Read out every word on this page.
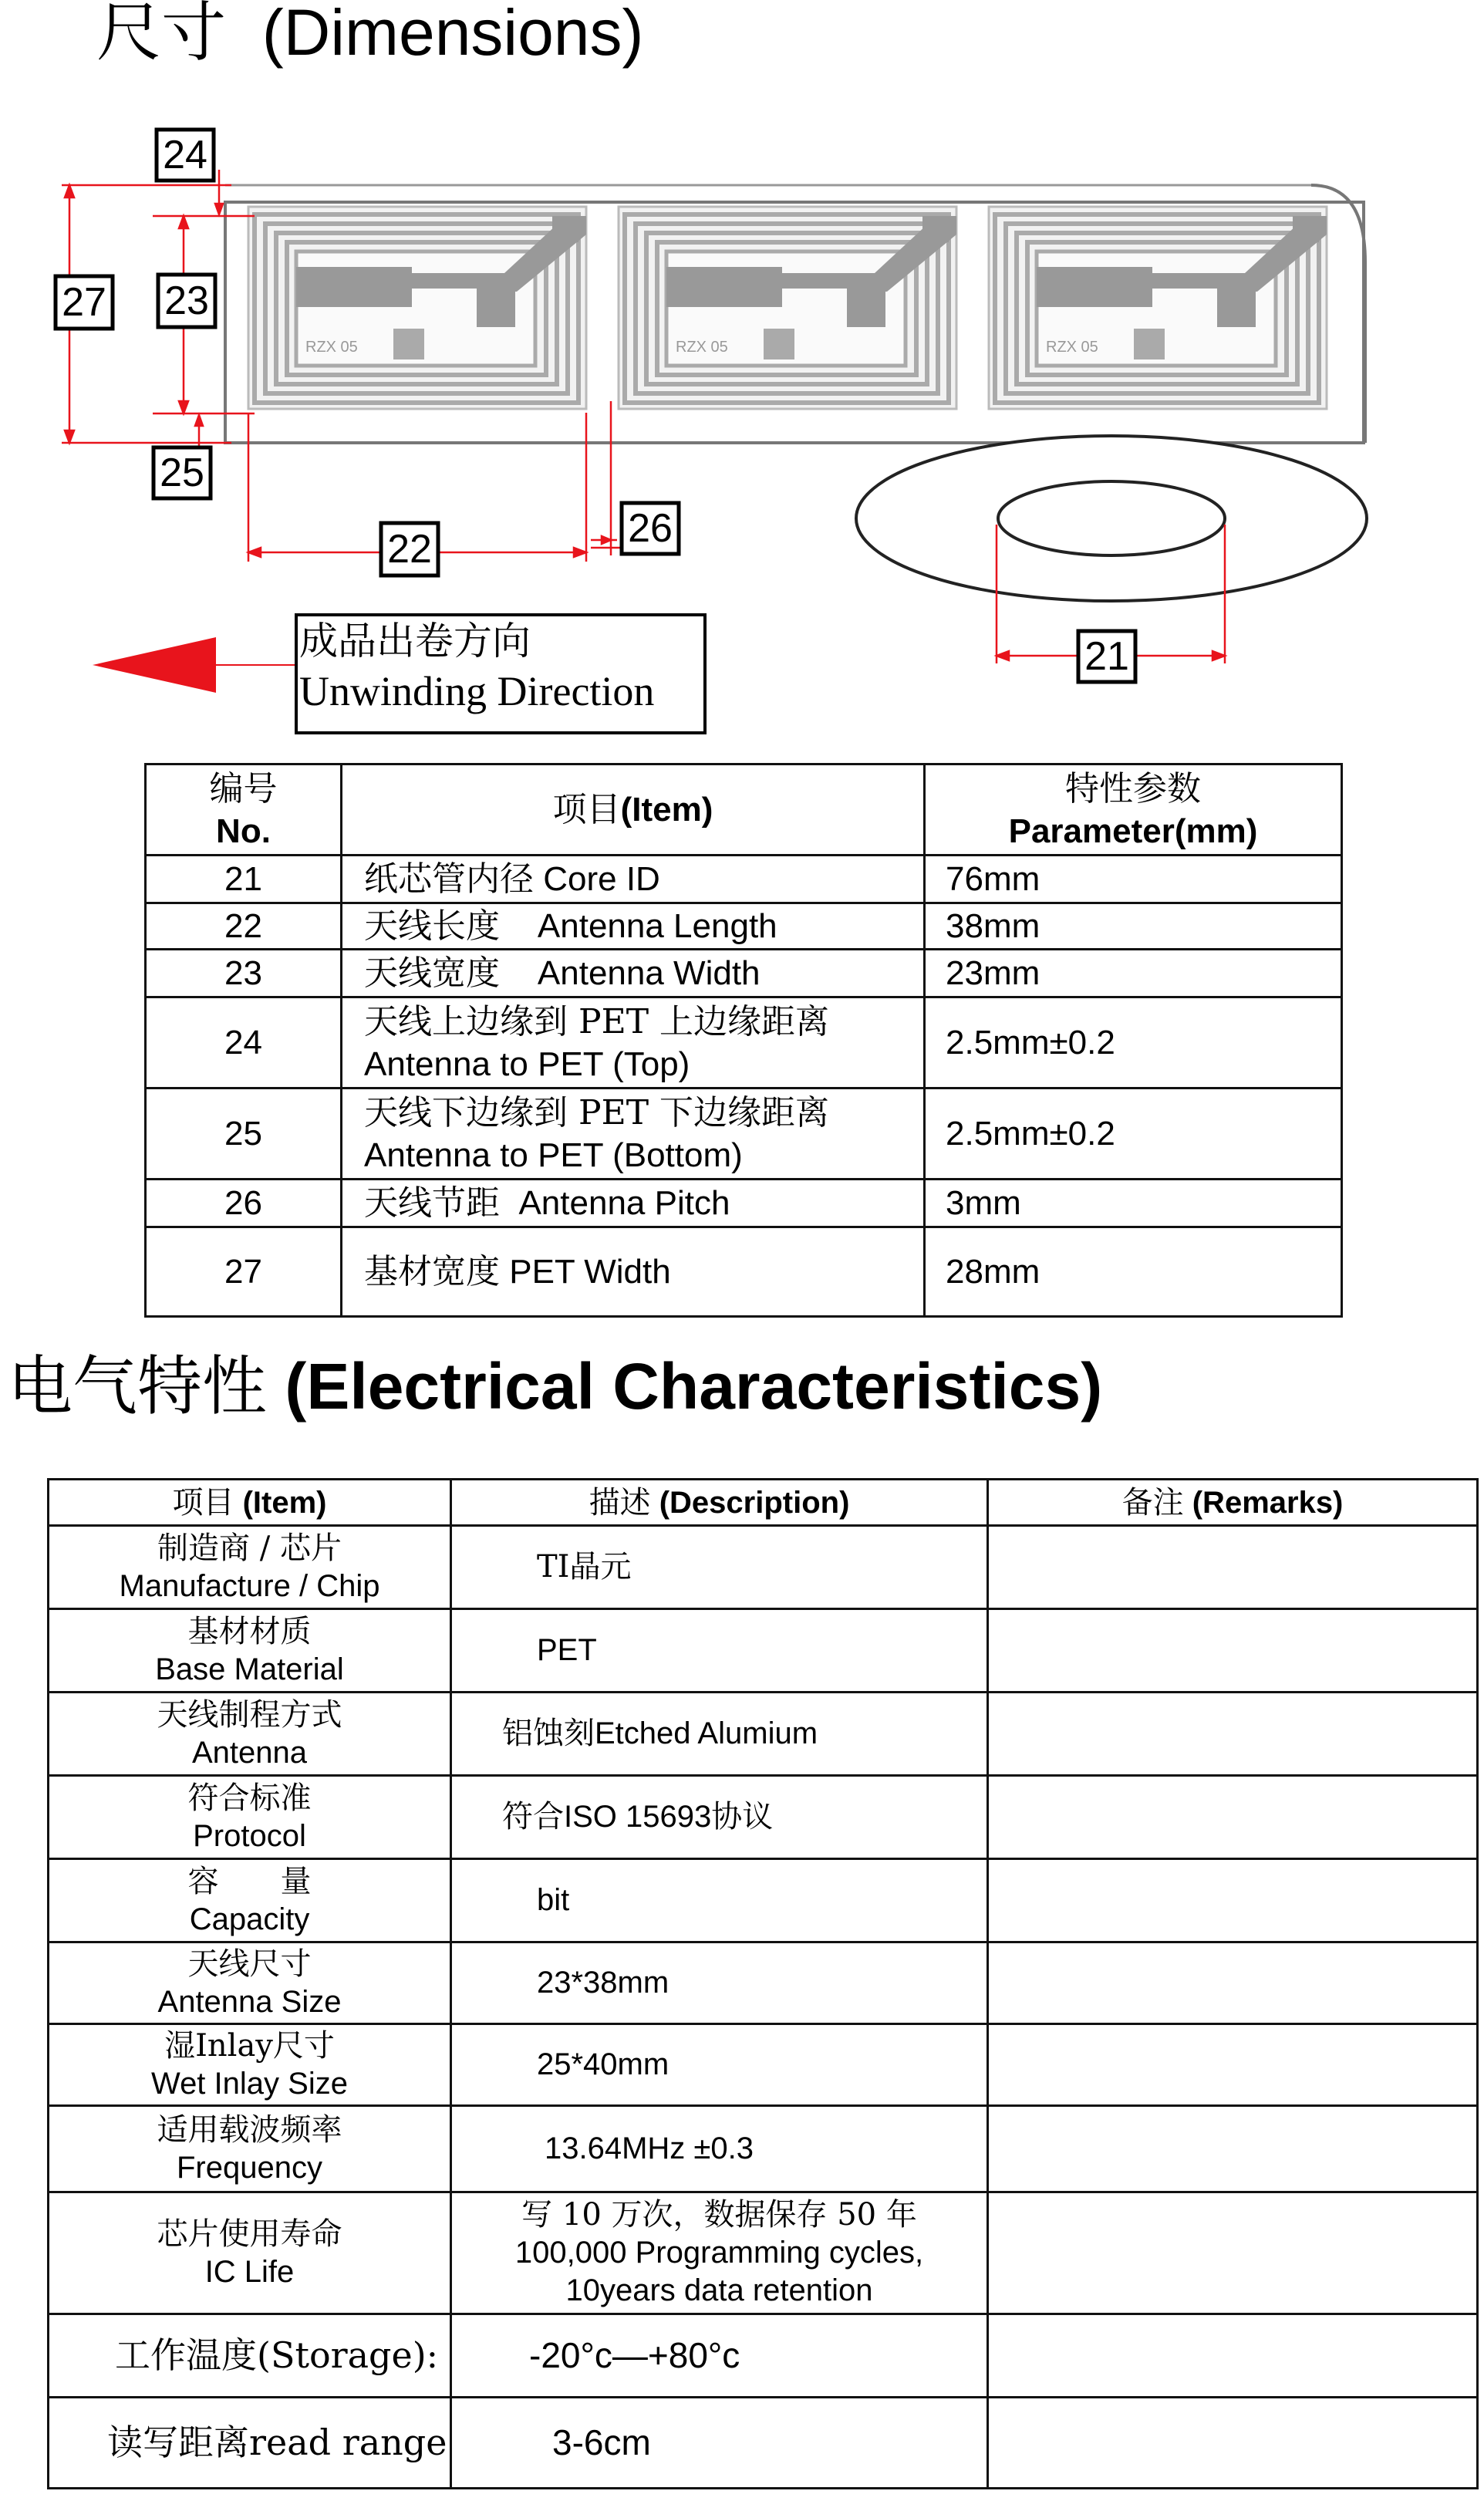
尺寸 (Dimensions)
RZX 05 24
27 23
25
22	26
21
成品出卷方向
Unwinding Direction
编号
No.	项目(Item)	特性参数
Parameter(mm)
21	纸芯管内径 Core ID	76mm
22	天线长度 Antenna Length	38mm
23	天线宽度 Antenna Width	23mm
24	天线上边缘到 PET 上边缘距离
Antenna to PET (Top)	2.5mm±0.2
25	天线下边缘到 PET 下边缘距离
Antenna to PET (Bottom)	2.5mm±0.2
26	天线节距 Antenna Pitch	3mm
27	基材宽度 PET Width	28mm
电气特性 (Electrical Characteristics)
项目 (Item)	描述 (Description)	备注 (Remarks)
制造商 / 芯片
Manufacture / Chip	TI晶元	
基材材质
Base Material	PET	
天线制程方式
Antenna	铝蚀刻Etched Alumium	
符合标准
Protocol	符合ISO 15693协议	
容　　量
Capacity	bit	
天线尺寸
Antenna Size	23*38mm	
湿Inlay尺寸
Wet Inlay Size	25*40mm	
适用载波频率
Frequency	13.64MHz ±0.3	
芯片使用寿命
IC Life	写 10 万次，数据保存 50 年
100,000 Programming cycles,
10years data retention	
工作温度(Storage):	-20°c—+80°c	
读写距离read range	3-6cm	
